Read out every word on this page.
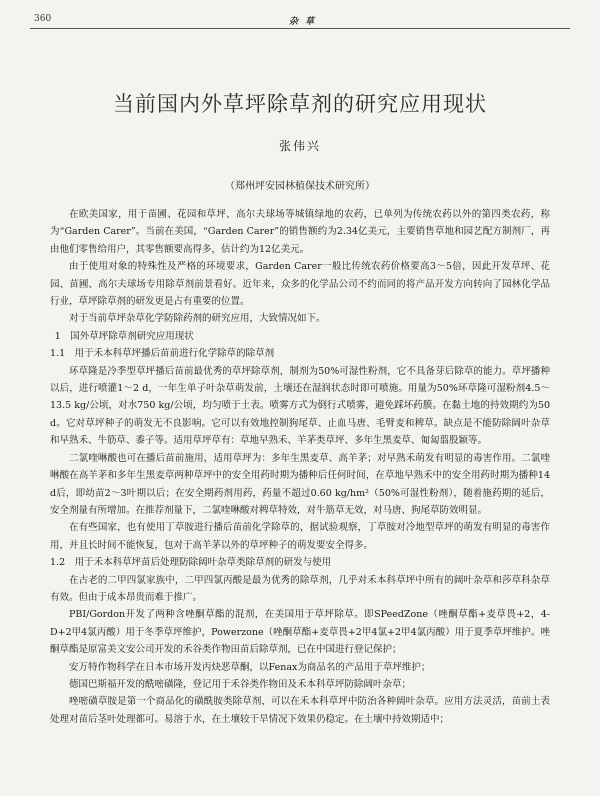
360	杂 草
当前国内外草坪除草剂的研究应用现状
张伟兴
（郑州坪安园林植保技术研究所）

在欧美国家，用于苗圃、花园和草坪、高尔夫球场等城镇绿地的农药，已单列为传统农药以外的第四类农药，称为“Garden Carer”。当前在美国，“Garden Carer”的销售额约为2.34亿美元，主要销售草地和园艺配方制剂厂，再由他们零售给用户，其零售额要高得多，估计约为12亿美元。

由于使用对象的特殊性及严格的环境要求，Garden Carer一般比传统农药价格要高3～5倍，因此开发草坪、花园、苗圃、高尔夫球场专用除草剂前景看好。近年来，众多的化学品公司不约而同的将产品开发方向转向了园林化学品行业，草坪除草剂的研发更是占有重要的位置。

对于当前草坪杂草化学防除药剂的研究应用，大致情况如下。

1　国外草坪除草剂研究应用现状

1.1　用于禾本科草坪播后苗前进行化学除草的除草剂

环草隆是冷季型草坪播后苗前最优秀的草坪除草剂，制剂为50%可湿性粉剂，它不具备芽后除草的能力。草坪播种以后，进行喷灌1～2 d，一年生单子叶杂草萌发前，土壤还在湿润状态时即可喷施。用量为50%环草隆可湿粉剂4.5～13.5 kg/公顷，对水750 kg/公顷，均匀喷于土表。喷雾方式为倒行式喷雾，避免踩坏药膜。在黏土地的持效期约为50 d。它对草坪种子的萌发无不良影响。它可以有效地控制狗尾草、止血马唐、毛臂麦和稗草。缺点是不能防除阔叶杂草和早熟禾、牛筋草、黍子等。适用草坪草有：草地早熟禾、羊茅类草坪、多年生黑麦草、匍匐翦股颖等。

二氯喹啉酸也可在播后苗前施用，适用草坪为：多年生黑麦草、高羊茅；对早熟禾萌发有明显的毒害作用。二氯喹啉酸在高羊茅和多年生黑麦草两种草坪中的安全用药时期为播种后任何时间，在草地早熟禾中的安全用药时期为播种14 d后，即幼苗2～3叶期以后；在安全期药剂用药，药量不超过0.60 kg/hm²（50%可湿性粉剂），随着施药期的延后，安全剂量有所增加。在推荐剂量下，二氯喹啉酸对稗草特效，对牛筋草无效，对马唐、狗尾草防效明显。

在有些国家，也有使用丁草胺进行播后苗前化学除草的，据试验观察，丁草胺对冷地型草坪的萌发有明显的毒害作用，并且长时间不能恢复，包对于高羊茅以外的草坪种子的萌发要安全得多。

1.2　用于禾本科草坪苗后处理防除阔叶杂草类除草剂的研发与使用

在古老的二甲四氯家族中，二甲四氯丙酸是最为优秀的除草剂，几乎对禾本科草坪中所有的阔叶杂草和莎草科杂草有效。但由于成本昂贵而难于推广。

PBI/Gordon开发了两种含唑酮草酯的混剂，在美国用于草坪除草。即SPeedZone（唑酮草酯+麦草畏+2，4-D+2甲4氯丙酸）用于冬季草坪维护，Powerzone（唑酮草酯+麦草畏+2甲4氯+2甲4氯丙酸）用于夏季草坪维护。唑酮草酯是原富美文安公司开发的禾谷类作物田苗后除草剂，已在中国进行登记保护；

安万特作物科学在日本市场开发丙炔恶草酮，以Fenax为商品名的产品用于草坪维护；

德国巴斯福开发的酰嘧磺隆，登记用于禾谷类作物田及禾本科草坪防除阔叶杂草；

唑嘧磺草胺是第一个商品化的磺酰胺类除草剂，可以在禾本科草坪中防治各种阔叶杂草。应用方法灵活，苗前土表处理对苗后茎叶处理都可。易溶于水，在土壤较干旱情况下效果仍稳定。在土壤中持效期适中；
